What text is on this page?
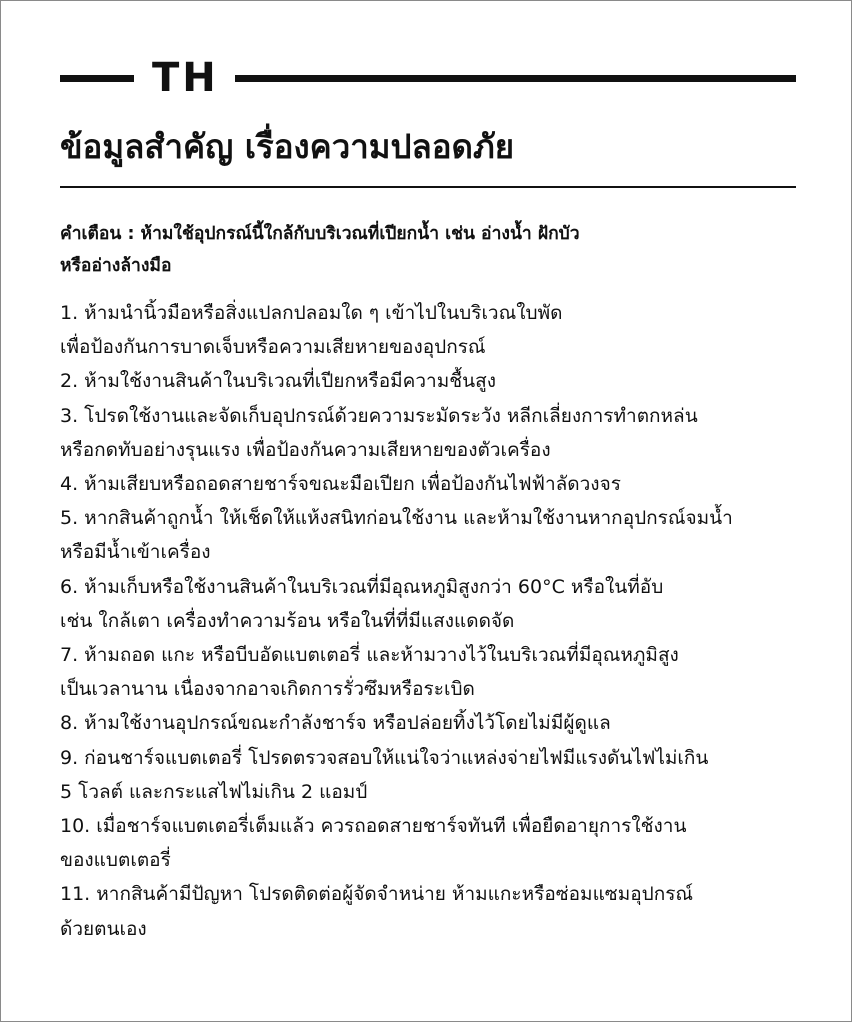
TH
ข้อมูลสำคัญ เรื่องความปลอดภัย
คำเตือน : ห้ามใช้อุปกรณ์นี้ใกล้กับบริเวณที่เปียกน้ำ เช่น อ่างน้ำ ฝักบัว
หรืออ่างล้างมือ
1. ห้ามนำนิ้วมือหรือสิ่งแปลกปลอมใด ๆ เข้าไปในบริเวณใบพัด
เพื่อป้องกันการบาดเจ็บหรือความเสียหายของอุปกรณ์
2. ห้ามใช้งานสินค้าในบริเวณที่เปียกหรือมีความชื้นสูง
3. โปรดใช้งานและจัดเก็บอุปกรณ์ด้วยความระมัดระวัง หลีกเลี่ยงการทำตกหล่น
หรือกดทับอย่างรุนแรง เพื่อป้องกันความเสียหายของตัวเครื่อง
4. ห้ามเสียบหรือถอดสายชาร์จขณะมือเปียก เพื่อป้องกันไฟฟ้าลัดวงจร
5. หากสินค้าถูกน้ำ ให้เช็ดให้แห้งสนิทก่อนใช้งาน และห้ามใช้งานหากอุปกรณ์จมน้ำ
หรือมีน้ำเข้าเครื่อง
6. ห้ามเก็บหรือใช้งานสินค้าในบริเวณที่มีอุณหภูมิสูงกว่า 60°C หรือในที่อับ
เช่น ใกล้เตา เครื่องทำความร้อน หรือในที่ที่มีแสงแดดจัด
7. ห้ามถอด แกะ หรือบีบอัดแบตเตอรี่ และห้ามวางไว้ในบริเวณที่มีอุณหภูมิสูง
เป็นเวลานาน เนื่องจากอาจเกิดการรั่วซึมหรือระเบิด
8. ห้ามใช้งานอุปกรณ์ขณะกำลังชาร์จ หรือปล่อยทิ้งไว้โดยไม่มีผู้ดูแล
9. ก่อนชาร์จแบตเตอรี่ โปรดตรวจสอบให้แน่ใจว่าแหล่งจ่ายไฟมีแรงดันไฟไม่เกิน
5 โวลต์ และกระแสไฟไม่เกิน 2 แอมป์
10. เมื่อชาร์จแบตเตอรี่เต็มแล้ว ควรถอดสายชาร์จทันที เพื่อยืดอายุการใช้งาน
ของแบตเตอรี่
11. หากสินค้ามีปัญหา โปรดติดต่อผู้จัดจำหน่าย ห้ามแกะหรือซ่อมแซมอุปกรณ์
ด้วยตนเอง
